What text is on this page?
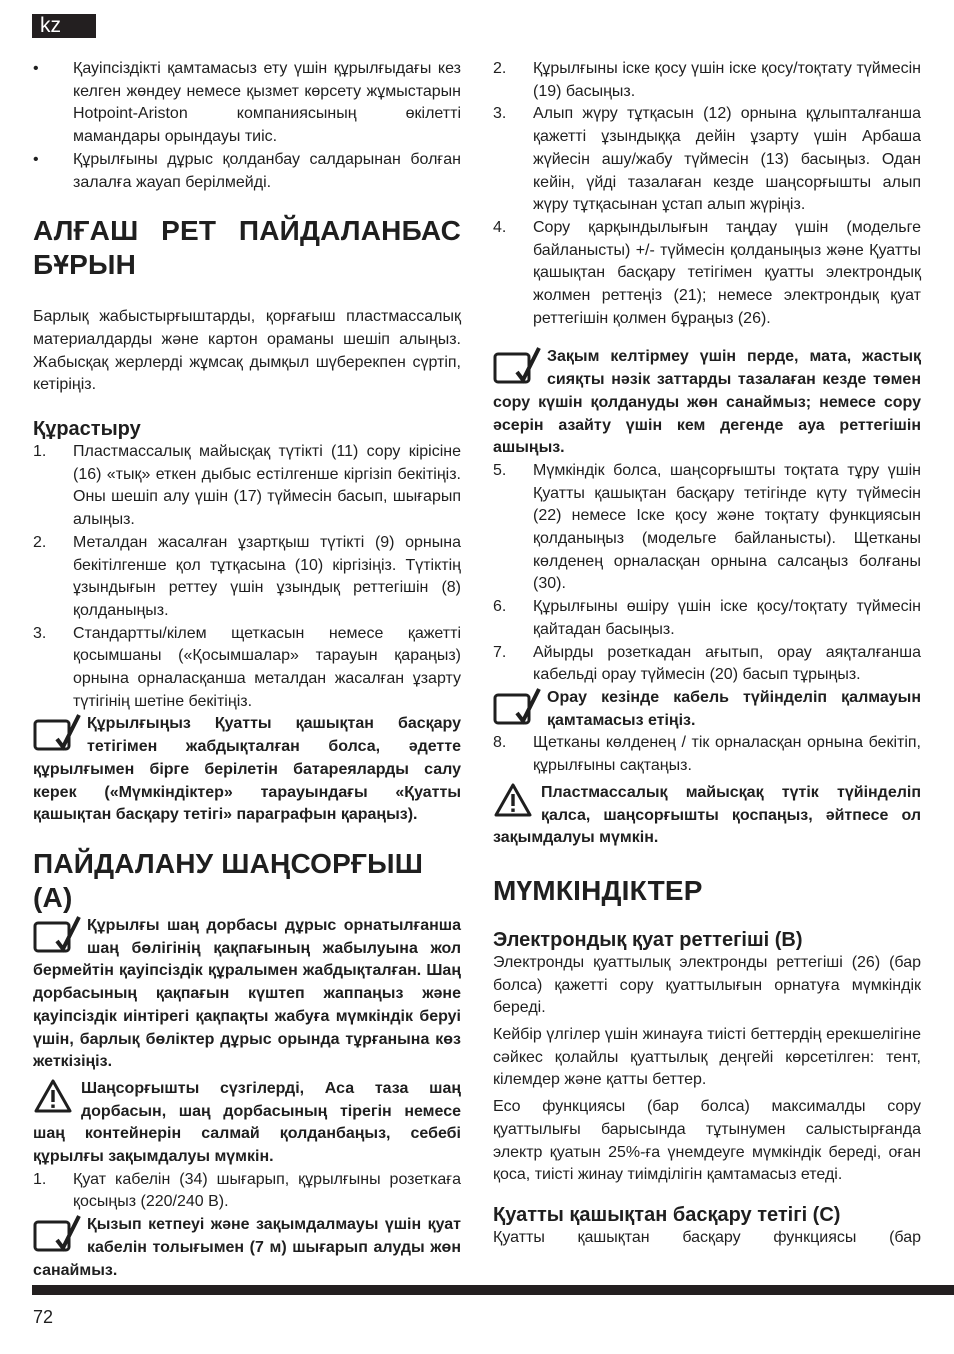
kz
•	Қауіпсіздікті қамтамасыз ету үшін құрылғыдағы кез келген жөндеу немесе қызмет көрсету жұмыстарын Hotpoint-Ariston компаниясының өкілетті мамандары орындауы тиіс.
•	Құрылғыны дұрыс қолданбау салдарынан болған залалға жауап берілмейді.
АЛҒАШ РЕТ ПАЙДАЛАНБАС БҰРЫН

Барлық жабыстырғыштарды, қорғағыш пластмассалық материалдарды және картон ораманы шешіп алыңыз. Жабысқақ жерлерді жұмсақ дымқыл шүберекпен сүртіп, кетіріңіз.

Құрастыру
1.	Пластмассалық майысқақ түтікті (11) сору кірісіне (16) «тық» еткен дыбыс естілгенше кіргізіп бекітіңіз. Оны шешіп алу үшін (17) түймесін басып, шығарып алыңыз.
2.	Металдан жасалған ұзартқыш түтікті (9) орнына бекітілгенше қол тұтқасына (10) кіргізіңіз. Түтіктің ұзындығын реттеу үшін ұзындық реттегішін (8) қолданыңыз.
3.	Стандартты/кілем щеткасын немесе қажетті қосымшаны («Қосымшалар» тарауын қараңыз) орнына орналасқанша металдан жасалған ұзарту түтігінің шетіне бекітіңіз.
Құрылғыңыз Қуатты қашықтан басқару тетігімен жабдықталған болса, әдетте құрылғымен бірге берілетін батареяларды салу керек («Мүмкіндіктер» тарауындағы «Қуатты қашықтан басқару тетігі» параграфын қараңыз).
ПАЙДАЛАНУ ШАҢСОРҒЫШ (A)
Құрылғы шаң дорбасы дұрыс орнатылғанша шаң бөлігінің қақпағының жабылуына жол бермейтін қауіпсіздік құралымен жабдықталған. Шаң дорбасының қақпағын күштеп жаппаңыз және қауіпсіздік иінтірегі қақпақты жабуға мүмкіндік беруі үшін, барлық бөліктер дұрыс орында тұрғанына көз жеткізіңіз.
Шаңсорғышты сүзгілерді, Аса таза шаң дорбасын, шаң дорбасының тірегін немесе шаң контейнерін салмай қолданбаңыз, себебі құрылғы зақымдалуы мүмкін.
1.	Қуат кабелін (34) шығарып, құрылғыны розеткаға қосыңыз (220/240 В).
Қызып кетпеуі және зақымдалмауы үшін қуат кабелін толығымен (7 м) шығарып алуды жөн санаймыз.
2.	Құрылғыны іске қосу үшін іске қосу/тоқтату түймесін (19) басыңыз.
3.	Алып жүру тұтқасын (12) орнына құлыпталғанша қажетті ұзындыққа дейін ұзарту үшін Арбаша жүйесін ашу/жабу түймесін (13) басыңыз. Одан кейін, үйді тазалаған кезде шаңсорғышты алып жүру тұтқасынан ұстап алып жүріңіз.
4.	Сору қарқындылығын таңдау үшін (модельге байланысты) +/- түймесін қолданыңыз және Қуатты қашықтан басқару тетігімен қуатты электрондық жолмен реттеңіз (21); немесе электрондық қуат реттегішін қолмен бұраңыз (26).
Зақым келтірмеу үшін перде, мата, жастық сияқты нәзік заттарды тазалаған кезде төмен сору күшін қолдануды жөн санаймыз; немесе сору әсерін азайту үшін кем дегенде ауа реттегішін ашыңыз.
5.	Мүмкіндік болса, шаңсорғышты тоқтата тұру үшін Қуатты қашықтан басқару тетігінде күту түймесін (22) немесе Іске қосу және тоқтату функциясын қолданыңыз (модельге байланысты). Щетканы көлденең орналасқан орнына салсаңыз болғаны (30).
6.	Құрылғыны өшіру үшін іске қосу/тоқтату түймесін қайтадан басыңыз.
7.	Айырды розеткадан ағытып, орау аяқталғанша кабельді орау түймесін (20) басып тұрыңыз.
Орау кезінде кабель түйінделіп қалмауын қамтамасыз етіңіз.
8.	Щетканы көлденең / тік орналасқан орнына бекітіп, құрылғыны сақтаңыз.
Пластмассалық майысқақ түтік түйінделіп қалса, шаңсорғышты қоспаңыз, әйтпесе ол зақымдалуы мүмкін.
МҮМКІНДІКТЕР
Электрондық қуат реттегіші (B)

Электронды қуаттылық электронды реттегіші (26) (бар болса) қажетті сору қуаттылығын орнатуға мүмкіндік береді.

Кейбір үлгілер үшін жинауға тиісті беттердің ерекшелігіне сәйкес қолайлы қуаттылық деңгейі көрсетілген: тент, кілемдер және қатты беттер.

Eco функциясы (бар болса) максималды сору қуаттылығы барысында тұтынумен салыстырғанда электр қуатын 25%-ға үнемдеуге мүмкіндік береді, оған қоса, тиісті жинау тиімділігін қамтамасыз етеді.

Қуатты қашықтан басқару тетігі (C)

Қуатты қашықтан басқару функциясы (бар

72
